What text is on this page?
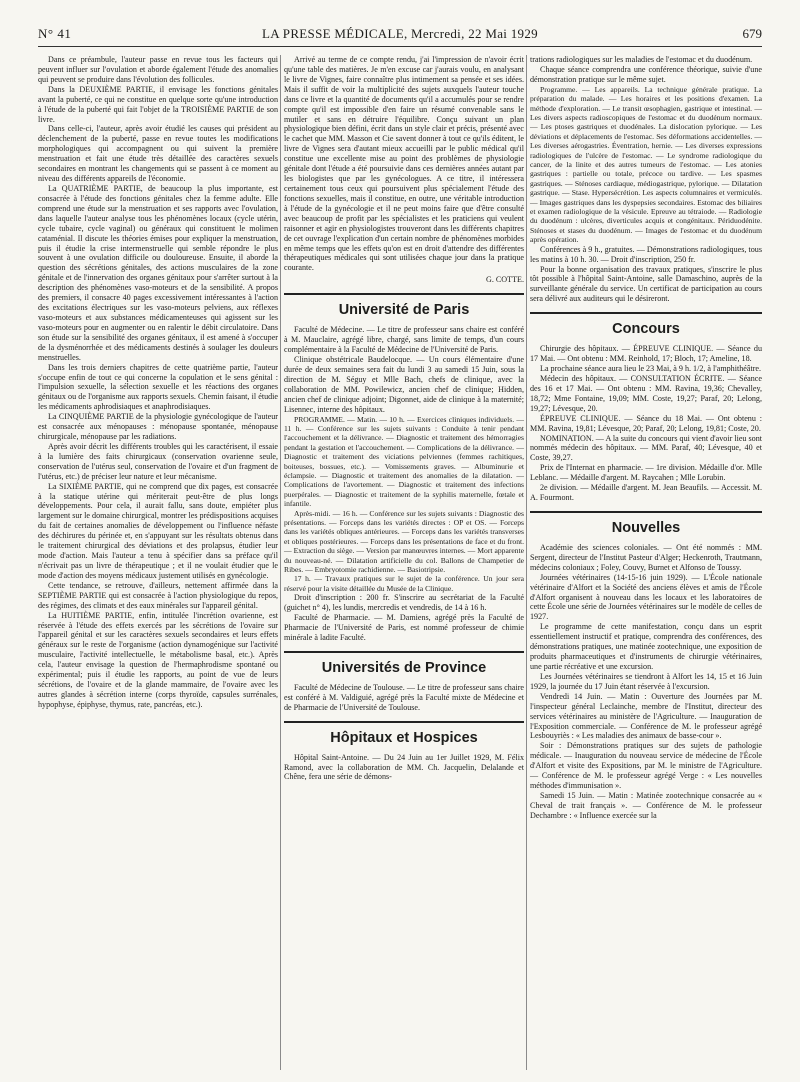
N° 41	LA PRESSE MÉDICALE, Mercredi, 22 Mai 1929	679

Dans ce préambule, l'auteur passe en revue tous les facteurs qui peuvent influer sur l'ovulation et aborde également l'étude des anomalies qui peuvent se produire dans l'évolution des follicules.

Dans la DEUXIÈME PARTIE, il envisage les fonctions génitales avant la puberté, ce qui ne constitue en quelque sorte qu'une introduction à l'étude de la puberté qui fait l'objet de la TROISIÈME PARTIE de son livre.

Dans celle-ci, l'auteur, après avoir étudié les causes qui président au déclenchement de la puberté, passe en revue toutes les modifications morphologiques qui accompagnent ou qui suivent la première menstruation et fait une étude très détaillée des caractères sexuels secondaires en montrant les changements qui se passent à ce moment au niveau des différents appareils de l'économie.

La QUATRIÈME PARTIE, de beaucoup la plus importante, est consacrée à l'étude des fonctions génitales chez la femme adulte. Elle comprend une étude sur la menstruation et ses rapports avec l'ovulation, dans laquelle l'auteur analyse tous les phénomènes locaux (cycle utérin, cycle tubaire, cycle vaginal) ou généraux qui constituent le molimen cataménial. Il discute les théories émises pour expliquer la menstruation, puis il étudie la crise intermenstruelle qui semble répondre le plus souvent à une ovulation difficile ou douloureuse. Ensuite, il aborde la question des sécrétions génitales, des actions musculaires de la zone génitale et de l'innervation des organes génitaux pour s'arrêter surtout à la description des phénomènes vaso-moteurs et de la sensibilité. A propos des premiers, il consacre 40 pages excessivement intéressantes à l'action des excitations électriques sur les vaso-moteurs pelviens, aux réflexes vaso-moteurs et aux substances médicamenteuses qui agissent sur les vaso-moteurs pour en augmenter ou en ralentir le débit circulatoire. Dans son étude sur la sensibilité des organes génitaux, il est amené à s'occuper de la dysménorrhée et des médicaments destinés à soulager les douleurs menstruelles.

Dans les trois derniers chapitres de cette quatrième partie, l'auteur s'occupe enfin de tout ce qui concerne la copulation et le sens génital : l'impulsion sexuelle, la sélection sexuelle et les réactions des organes génitaux ou de l'organisme aux rapports sexuels. Chemin faisant, il étudie les médicaments aphrodisiaques et anaphrodisiaques.

La CINQUIÈME PARTIE de la physiologie gynécologique de l'auteur est consacrée aux ménopauses : ménopause spontanée, ménopause chirurgicale, ménopause par les radiations.

Après avoir décrit les différents troubles qui les caractérisent, il essaie à la lumière des faits chirurgicaux (conservation ovarienne seule, conservation de l'utérus seul, conservation de l'ovaire et d'un fragment de l'utérus, etc.) de préciser leur nature et leur mécanisme.

La SIXIÈME PARTIE, qui ne comprend que dix pages, est consacrée à la statique utérine qui mériterait peut-être de plus longs développements. Pour cela, il aurait fallu, sans doute, empiéter plus largement sur le domaine chirurgical, montrer les prédispositions acquises du fait de certaines anomalies de développement ou l'influence néfaste des déchirures du périnée et, en s'appuyant sur les résultats obtenus dans le traitement chirurgical des déviations et des prolapsus, étudier leur mode d'action. Mais l'auteur a tenu à spécifier dans sa préface qu'il n'écrivait pas un livre de thérapeutique ; et il ne voulait étudier que le mode d'action des moyens médicaux justement utilisés en gynécologie.

Cette tendance, se retrouve, d'ailleurs, nettement affirmée dans la SEPTIÈME PARTIE qui est consacrée à l'action physiologique du repos, des régimes, des climats et des eaux minérales sur l'appareil génital.

La HUITIÈME PARTIE, enfin, intitulée l'incrétion ovarienne, est réservée à l'étude des effets exercés par les sécrétions de l'ovaire sur l'appareil génital et sur les caractères sexuels secondaires et leurs effets généraux sur le reste de l'organisme (action dynamogénique sur l'activité musculaire, l'activité intellectuelle, le métabolisme basal, etc.). Après cela, l'auteur envisage la question de l'hermaphrodisme spontané ou expérimental; puis il étudie les rapports, au point de vue de leurs sécrétions, de l'ovaire et de la glande mammaire, de l'ovaire avec les autres glandes à sécrétion interne (corps thyroïde, capsules surrénales, hypophyse, épiphyse, thymus, rate, pancréas, etc.).

Arrivé au terme de ce compte rendu, j'ai l'impression de n'avoir écrit qu'une table des matières. Je m'en excuse car j'aurais voulu, en analysant le livre de Vignes, faire connaître plus intimement sa pensée et ses idées. Mais il suffit de voir la multiplicité des sujets auxquels l'auteur touche dans ce livre et la quantité de documents qu'il a accumulés pour se rendre compte qu'il est impossible d'en faire un résumé convenable sans le mutiler et sans en détruire l'équilibre. Conçu suivant un plan physiologique bien défini, écrit dans un style clair et précis, présenté avec le cachet que MM. Masson et Cie savent donner à tout ce qu'ils éditent, le livre de Vignes sera d'autant mieux accueilli par le public médical qu'il constitue une excellente mise au point des problèmes de physiologie génitale dont l'étude a été poursuivie dans ces dernières années autant par les biologistes que par les gynécologues. A ce titre, il intéressera certainement tous ceux qui poursuivent plus spécialement l'étude des fonctions sexuelles, mais il constitue, en outre, une véritable introduction à l'étude de la gynécologie et il ne peut moins faire que d'être consulté avec beaucoup de profit par les spécialistes et les praticiens qui veulent raisonner et agir en physiologistes trouveront dans les différents chapitres de cet ouvrage l'explication d'un certain nombre de phénomènes morbides en même temps que les effets qu'on est en droit d'attendre des différentes thérapeutiques médicales qui sont utilisées chaque jour dans la pratique courante.

G. COTTE.

Université de Paris

Faculté de Médecine. — Le titre de professeur sans chaire est conféré à M. Mauclaire, agrégé libre, chargé, sans limite de temps, d'un cours complémentaire à la Faculté de Médecine de l'Université de Paris.

Clinique obstétricale Baudelocque. — Un cours élémentaire d'une durée de deux semaines sera fait du lundi 3 au samedi 15 Juin, sous la direction de M. Séguy et Mlle Bach, chefs de clinique, avec la collaboration de MM. Powilewicz, ancien chef de clinique; Hidden, ancien chef de clinique adjoint; Digonnet, aide de clinique à la maternité; Lisennec, interne des hôpitaux.

PROGRAMME. — Matin. — 10 h. — Exercices cliniques individuels. — 11 h. — Conférence sur les sujets suivants : Conduite à tenir pendant l'accouchement et la délivrance. — Diagnostic et traitement des hémorragies pendant la gestation et l'accouchement. — Complications de la délivrance. — Diagnostic et traitement des viciations pelviennes (femmes rachitiques, boiteuses, bossues, etc.). — Vomissements graves. — Albuminurie et éclampsie. — Diagnostic et traitement des anomalies de la dilatation. — Complications de l'avortement. — Diagnostic et traitement des infections puerpérales. — Diagnostic et traitement de la syphilis maternelle, fœtale et infantile.

Après-midi. — 16 h. — Conférence sur les sujets suivants : Diagnostic des présentations. — Forceps dans les variétés directes : OP et OS. — Forceps dans les variétés obliques antérieures. — Forceps dans les variétés transverses et obliques postérieures. — Forceps dans les présentations de face et du front. — Extraction du siège. — Version par manœuvres internes. — Mort apparente du nouveau-né. — Dilatation artificielle du col. Ballons de Champetier de Ribes. — Embryotomie rachidienne. — Basiotripsie.

17 h. — Travaux pratiques sur le sujet de la conférence. Un jour sera réservé pour la visite détaillée du Musée de la Clinique.

Droit d'inscription : 200 fr. S'inscrire au secrétariat de la Faculté (guichet n° 4), les lundis, mercredis et vendredis, de 14 à 16 h.

Faculté de Pharmacie. — M. Damiens, agrégé près la Faculté de Pharmacie de l'Université de Paris, est nommé professeur de chimie minérale à ladite Faculté.

Universités de Province

Faculté de Médecine de Toulouse. — Le titre de professeur sans chaire est conféré à M. Valdiguié, agrégé près la Faculté mixte de Médecine et de Pharmacie de l'Université de Toulouse.

Hôpitaux et Hospices

Hôpital Saint-Antoine. — Du 24 Juin au 1er Juillet 1929, M. Félix Ramond, avec la collaboration de MM. Ch. Jacquelin, Delalande et Chêne, fera une série de démons-

trations radiologiques sur les maladies de l'estomac et du duodénum.

Chaque séance comprendra une conférence théorique, suivie d'une démonstration pratique sur le même sujet.

Programme. — Les appareils. La technique générale pratique. La préparation du malade. — Les horaires et les positions d'examen. La méthode d'exploration. — Le transit œsophagien, gastrique et intestinal. — Les divers aspects radioscopiques de l'estomac et du duodénum normaux. — Les ptoses gastriques et duodénales. La dislocation pylorique. — Les déviations et déplacements de l'estomac. Ses déformations accidentelles. — Les diverses aérogastries. Éventration, hernie. — Les diverses expressions radiologiques de l'ulcère de l'estomac. — Le syndrome radiologique du cancer, de la linite et des autres tumeurs de l'estomac. — Les atonies gastriques : partielle ou totale, précoce ou tardive. — Les spasmes gastriques. — Sténoses cardiaque, médiogastrique, pylorique. — Dilatation gastrique. — Stase. Hypersécrétion. Les aspects columnaires et vermiculés. — Images gastriques dans les dyspepsies secondaires. Estomac des biliaires et examen radiologique de la vésicule. Epreuve au tétraiode. — Radiologie du duodénum : ulcères, diverticules acquis et congénitaux. Périduodénite. Sténoses et stases du duodénum. — Images de l'estomac et du duodénum après opération.

Conférences à 9 h., gratuites. — Démonstrations radiologiques, tous les matins à 10 h. 30. — Droit d'inscription, 250 fr.

Pour la bonne organisation des travaux pratiques, s'inscrire le plus tôt possible à l'hôpital Saint-Antoine, salle Damaschino, auprès de la surveillante générale du service. Un certificat de participation au cours sera délivré aux auditeurs qui le désireront.

Concours

Chirurgie des hôpitaux. — ÉPREUVE CLINIQUE. — Séance du 17 Mai. — Ont obtenu : MM. Reinhold, 17; Bloch, 17; Ameline, 18.

La prochaine séance aura lieu le 23 Mai, à 9 h. 1/2, à l'amphithéâtre.

Médecin des hôpitaux. — CONSULTATION ÉCRITE. — Séance des 16 et 17 Mai. — Ont obtenu : MM. Ravina, 19,36; Chevalley, 18,72; Mme Fontaine, 19,09; MM. Coste, 19,27; Paraf, 20; Lelong, 19,27; Lévesque, 20.

ÉPREUVE CLINIQUE. — Séance du 18 Mai. — Ont obtenu : MM. Ravina, 19,81; Lévesque, 20; Paraf, 20; Lelong, 19,81; Coste, 20.

NOMINATION. — A la suite du concours qui vient d'avoir lieu sont nommés médecin des hôpitaux. — MM. Paraf, 40; Lévesque, 40 et Coste, 39,27.

Prix de l'Internat en pharmacie. — 1re division. Médaille d'or. Mlle Leblanc. — Médaille d'argent. M. Raycahen ; Mlle Lorubin.

2e division. — Médaille d'argent. M. Jean Beaufils. — Accessit. M. A. Fourmont.

Nouvelles

Académie des sciences coloniales. — Ont été nommés : MM. Sergent, directeur de l'Institut Pasteur d'Alger; Heckenroth, Trautmann, médecins coloniaux ; Foley, Couvy, Burnet et Alfonso de Toussy.

Journées vétérinaires (14-15-16 juin 1929). — L'École nationale vétérinaire d'Alfort et la Société des anciens élèves et amis de l'École d'Alfort organisent à nouveau dans les locaux et les laboratoires de cette École une série de Journées vétérinaires sur le modèle de celles de 1927.

Le programme de cette manifestation, conçu dans un esprit essentiellement instructif et pratique, comprendra des conférences, des démonstrations pratiques, une matinée zootechnique, une exposition de produits pharmaceutiques et d'instruments de chirurgie vétérinaires, une partie récréative et une excursion.

Les Journées vétérinaires se tiendront à Alfort les 14, 15 et 16 Juin 1929, la journée du 17 Juin étant réservée à l'excursion.

Vendredi 14 Juin. — Matin : Ouverture des Journées par M. l'inspecteur général Leclainche, membre de l'Institut, directeur des services vétérinaires au ministère de l'Agriculture. — Inauguration de l'Exposition commerciale. — Conférence de M. le professeur agrégé Lesbouyriès : « Les maladies des animaux de basse-cour ».

Soir : Démonstrations pratiques sur des sujets de pathologie médicale. — Inauguration du nouveau service de médecine de l'École d'Alfort et visite des Expositions, par M. le ministre de l'Agriculture. — Conférence de M. le professeur agrégé Verge : « Les nouvelles méthodes d'immunisation ».

Samedi 15 Juin. — Matin : Matinée zootechnique consacrée au « Cheval de trait français ». — Conférence de M. le professeur Dechambre : « Influence exercée sur la
